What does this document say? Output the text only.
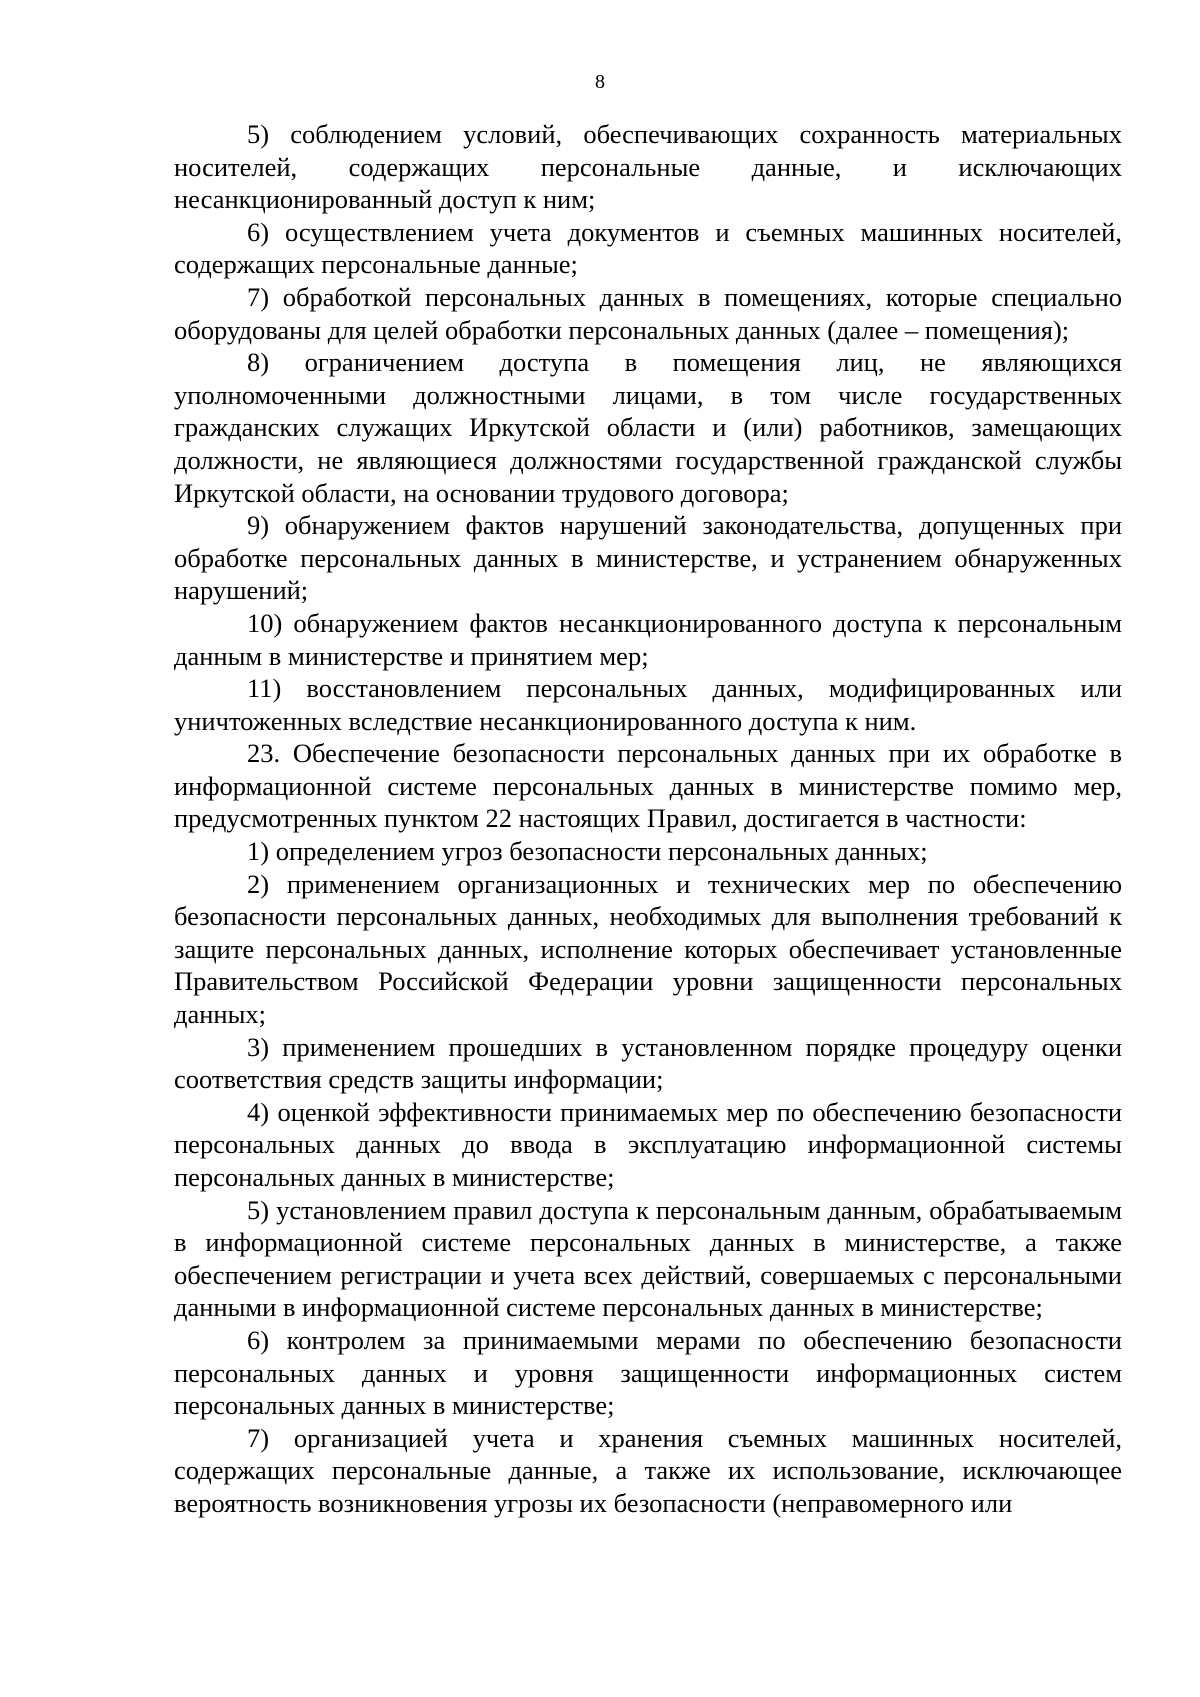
8

5) соблюдением условий, обеспечивающих сохранность материальных носителей, содержащих персональные данные, и исключающих несанкционированный доступ к ним;

6) осуществлением учета документов и съемных машинных носителей, содержащих персональные данные;

7) обработкой персональных данных в помещениях, которые специально оборудованы для целей обработки персональных данных (далее – помещения);

8) ограничением доступа в помещения лиц, не являющихся уполномоченными должностными лицами, в том числе государственных гражданских служащих Иркутской области и (или) работников, замещающих должности, не являющиеся должностями государственной гражданской службы Иркутской области, на основании трудового договора;

9) обнаружением фактов нарушений законодательства, допущенных при обработке персональных данных в министерстве, и устранением обнаруженных нарушений;

10) обнаружением фактов несанкционированного доступа к персональным данным в министерстве и принятием мер;

11) восстановлением персональных данных, модифицированных или уничтоженных вследствие несанкционированного доступа к ним.

23. Обеспечение безопасности персональных данных при их обработке в информационной системе персональных данных в министерстве помимо мер, предусмотренных пунктом 22 настоящих Правил, достигается в частности:

1) определением угроз безопасности персональных данных;

2) применением организационных и технических мер по обеспечению безопасности персональных данных, необходимых для выполнения требований к защите персональных данных, исполнение которых обеспечивает установленные Правительством Российской Федерации уровни защищенности персональных данных;

3) применением прошедших в установленном порядке процедуру оценки соответствия средств защиты информации;

4) оценкой эффективности принимаемых мер по обеспечению безопасности персональных данных до ввода в эксплуатацию информационной системы персональных данных в министерстве;

5) установлением правил доступа к персональным данным, обрабатываемым в информационной системе персональных данных в министерстве, а также обеспечением регистрации и учета всех действий, совершаемых с персональными данными в информационной системе персональных данных в министерстве;

6) контролем за принимаемыми мерами по обеспечению безопасности персональных данных и уровня защищенности информационных систем персональных данных в министерстве;

7) организацией учета и хранения съемных машинных носителей, содержащих персональные данные, а также их использование, исключающее вероятность возникновения угрозы их безопасности (неправомерного или
